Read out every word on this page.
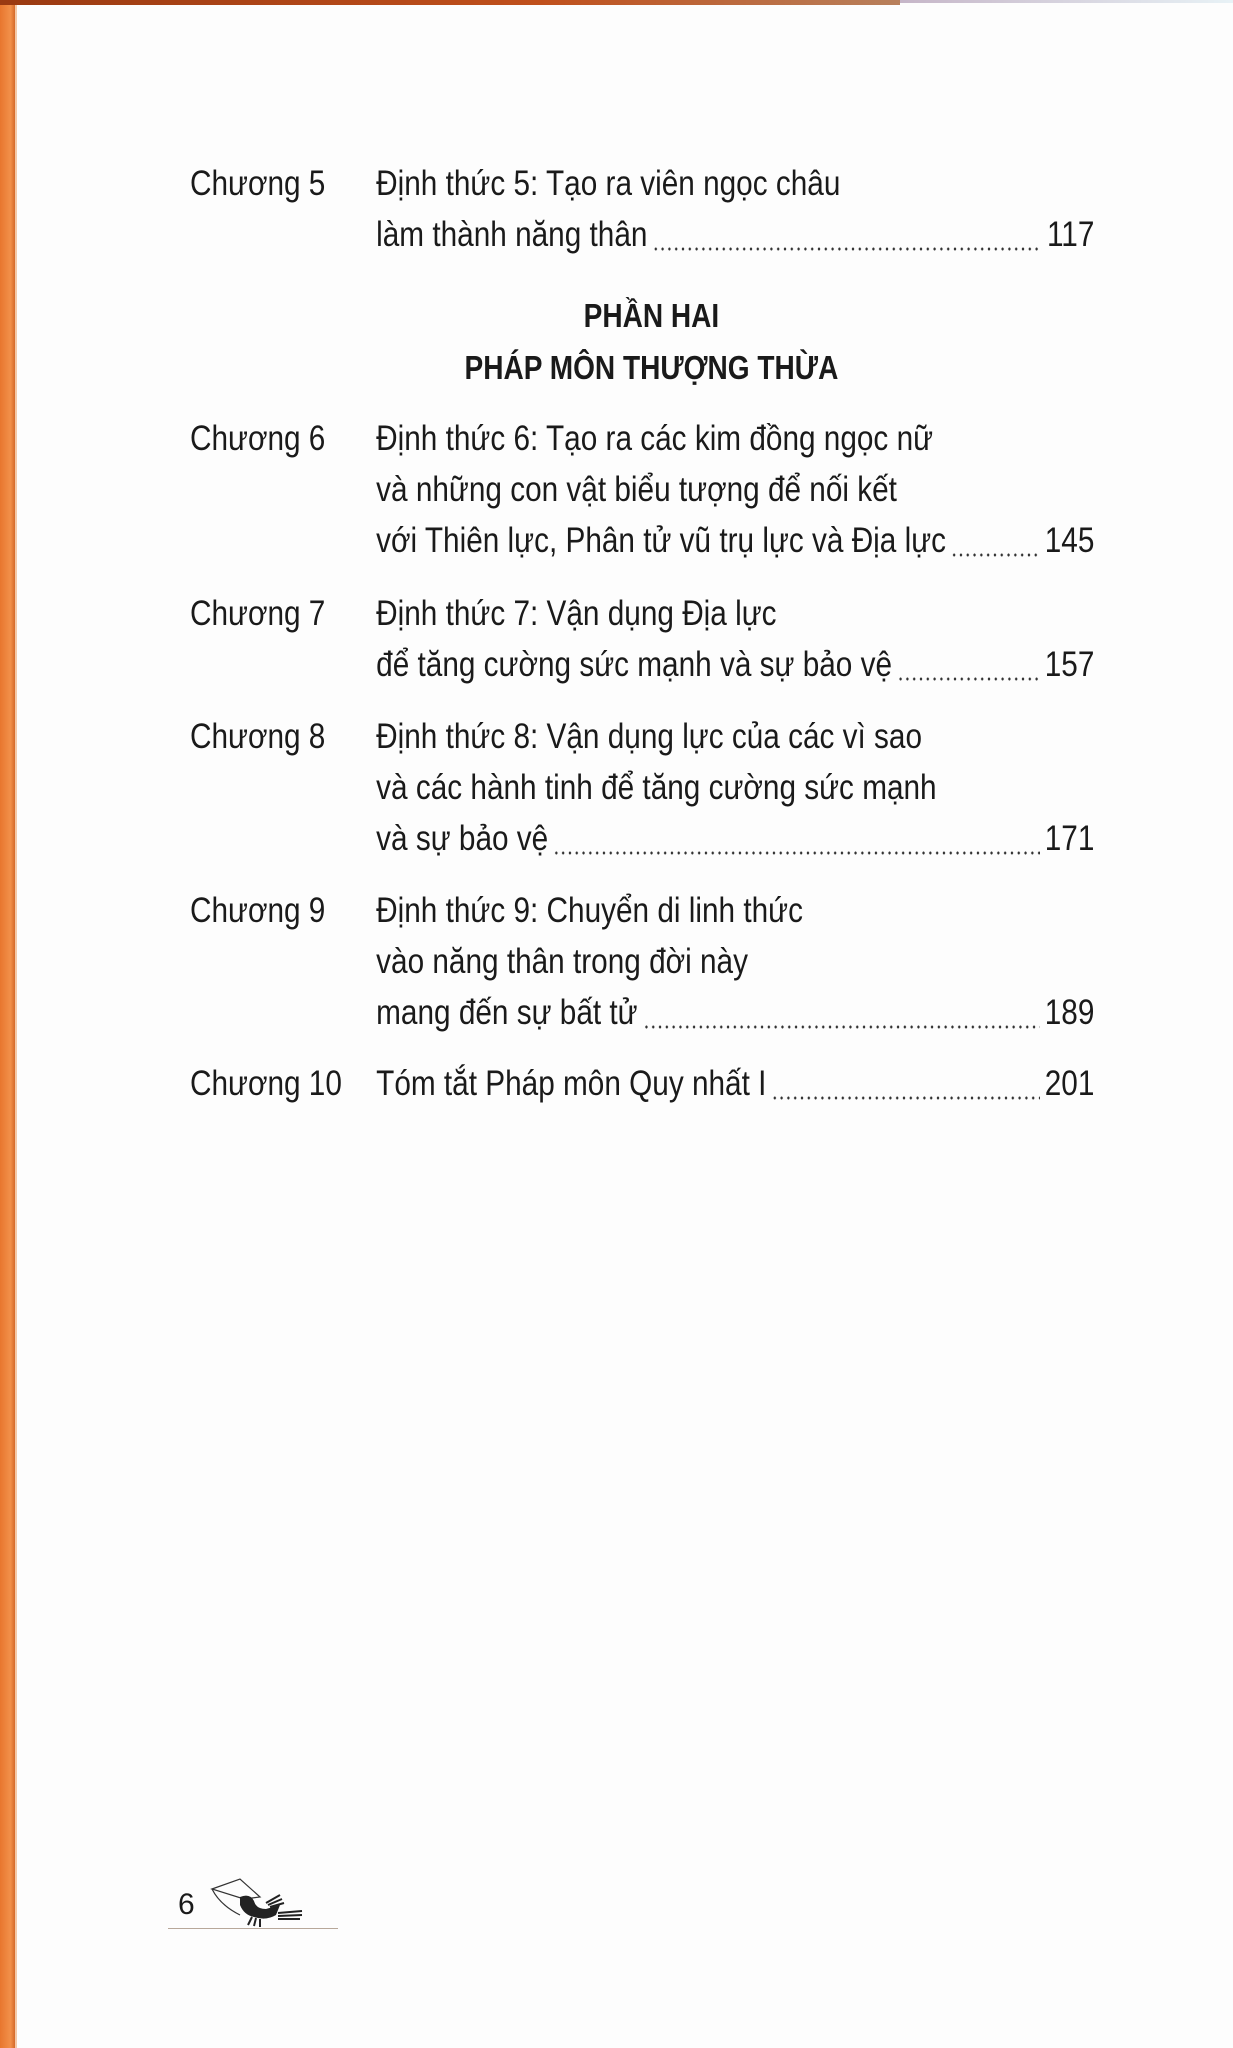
PHẦN HAI
PHÁP MÔN THƯỢNG THỪA
Chương 5	Định thức 5: Tạo ra viên ngọc châu
làm thành năng thân	117
Chương 6	Định thức 6: Tạo ra các kim đồng ngọc nữ
và những con vật biểu tượng để nối kết
với Thiên lực, Phân tử vũ trụ lực và Địa lực	145
Chương 7	Định thức 7: Vận dụng Địa lực
để tăng cường sức mạnh và sự bảo vệ	157
Chương 8	Định thức 8: Vận dụng lực của các vì sao
và các hành tinh để tăng cường sức mạnh
và sự bảo vệ	171
Chương 9	Định thức 9: Chuyển di linh thức
vào năng thân trong đời này
mang đến sự bất tử	189
Chương 10 Tóm tắt Pháp môn Quy nhất I	201
6
